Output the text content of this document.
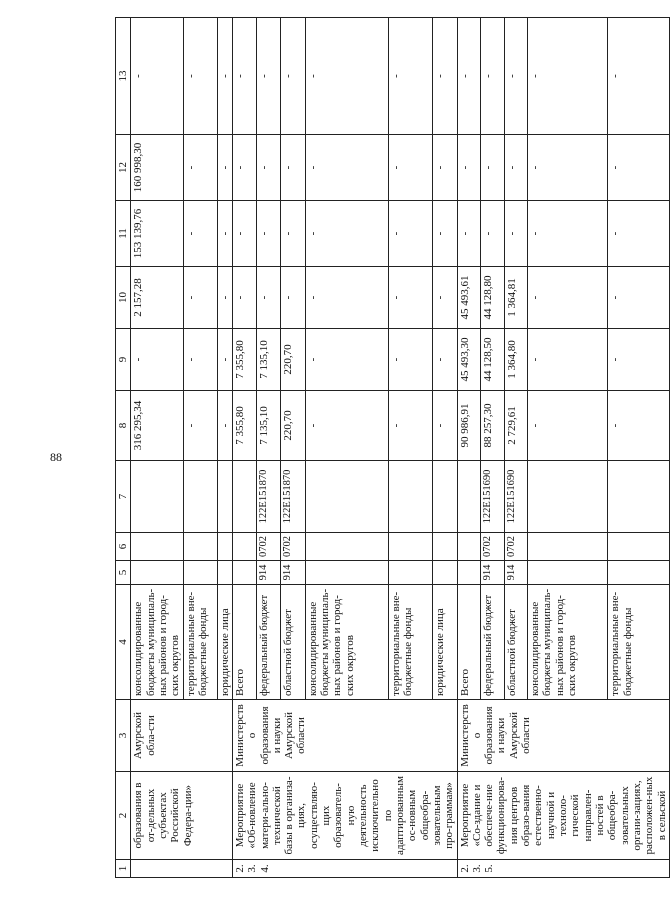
88
1	2	3	4	5	6	7	8	9	10	11	12	13
	образования в от-дельных субъектах Российской Федера-ции»	Амурской обла-сти	консолидированные бюджеты муниципаль-ных районов и город-ских округов				316 295,34	-	2 157,28	153 139,76	160 998,30	-
			территориальные вне-бюджетные фонды				-	-	-	-	-	-
			юридические лица				-	-	-	-	-	-
2.3.4.	Мероприятие «Об-новление матери-ально-технической базы в организа-циях, осуществляю-щих образователь-ную деятельность исключительно по адаптированным ос-новным общеобра-зовательным про-граммам»	Министерство образования и науки Амурской области	Всего				7 355,80	7 355,80	-	-	-	-
			федеральный бюджет	914	0702	122E151870	7 135,10	7 135,10	-	-	-	-
			областной бюджет	914	0702	122E151870	220,70	220,70	-	-	-	-
			консолидированные бюджеты муниципаль-ных районов и город-ских округов				-	-	-	-	-	-
			территориальные вне-бюджетные фонды				-	-	-	-	-	-
			юридические лица				-	-	-	-	-	-
2.3.5.	Мероприятие «Со-здание и обеспече-ние функционирова-ния центров образо-вания естественно-научной и техноло-гической направлен-ностей в общеобра-зовательных органи-зациях, расположен-ных в сельской	Министерство образования и науки Амурской области	Всего				90 986,91	45 493,30	45 493,61	-	-	-
			федеральный бюджет	914	0702	122E151690	88 257,30	44 128,50	44 128,80	-	-	-
			областной бюджет	914	0702	122E151690	2 729,61	1 364,80	1 364,81	-	-	-
			консолидированные бюджеты муниципаль-ных районов и город-ских округов				-	-	-	-	-	-
			территориальные вне-бюджетные фонды				-	-	-	-	-	-
